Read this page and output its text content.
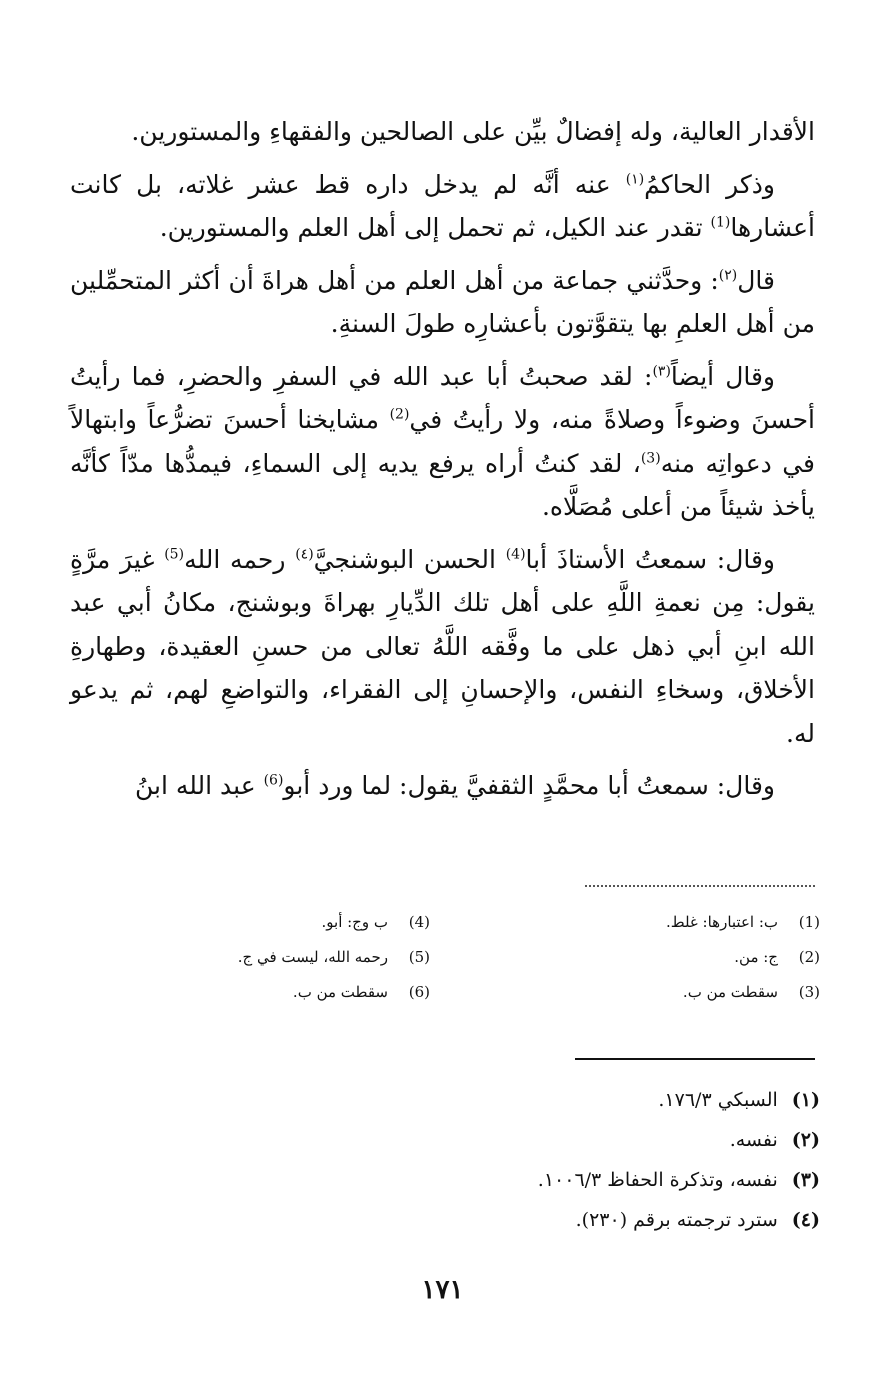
الأقدار العالية، وله إفضالٌ بيِّن على الصالحين والفقهاءِ والمستورين.

وذكر الحاكمُ$^{(١)}$ عنه أنَّه لم يدخل داره قط عشر غلاته، بل كانت أعشارها$^{(1)}$ تقدر عند الكيل، ثم تحمل إلى أهل العلم والمستورين.

قال$^{(٢)}$: وحدَّثني جماعة من أهل العلم من أهل هراةَ أن أكثر المتحمِّلين من أهل العلمِ بها يتقوَّتون بأعشارِه طولَ السنةِ.

وقال أيضاً$^{(٣)}$: لقد صحبتُ أبا عبد الله في السفرِ والحضرِ، فما رأيتُ أحسنَ وضوءاً وصلاةً منه، ولا رأيتُ في$^{(2)}$ مشايخنا أحسنَ تضرُّعاً وابتهالاً في دعواتِه منه$^{(3)}$، لقد كنتُ أراه يرفع يديه إلى السماءِ، فيمدُّها مدّاً كأنَّه يأخذ شيئاً من أعلى مُصَلَّاه.

وقال: سمعتُ الأستاذَ أبا$^{(4)}$ الحسن البوشنجيَّ$^{(٤)}$ رحمه الله$^{(5)}$ غيرَ مرَّةٍ يقول: مِن نعمةِ اللَّهِ على أهل تلك الدِّيارِ بهراةَ وبوشنج، مكانُ أبي عبد الله ابنِ أبي ذهل على ما وفَّقه اللَّهُ تعالى من حسنِ العقيدة، وطهارةِ الأخلاق، وسخاءِ النفس، والإحسانِ إلى الفقراء، والتواضعِ لهم، ثم يدعو له.

وقال: سمعتُ أبا محمَّدٍ الثقفيَّ يقول: لما ورد أبو$^{(6)}$ عبد الله ابنُ

(1)
ب: اعتبارها: غلط.
(2)
ج: من.
(3)
سقطت من ب.
(4)
ب وج: أبو.
(5)
رحمه الله، ليست في ج.
(6)
سقطت من ب.
(١)
السبكي ١٧٦/٣.
(٢)
نفسه.
(٣)
نفسه، وتذكرة الحفاظ ١٠٠٦/٣.
(٤)
سترد ترجمته برقم (٢٣٠).
١٧١
